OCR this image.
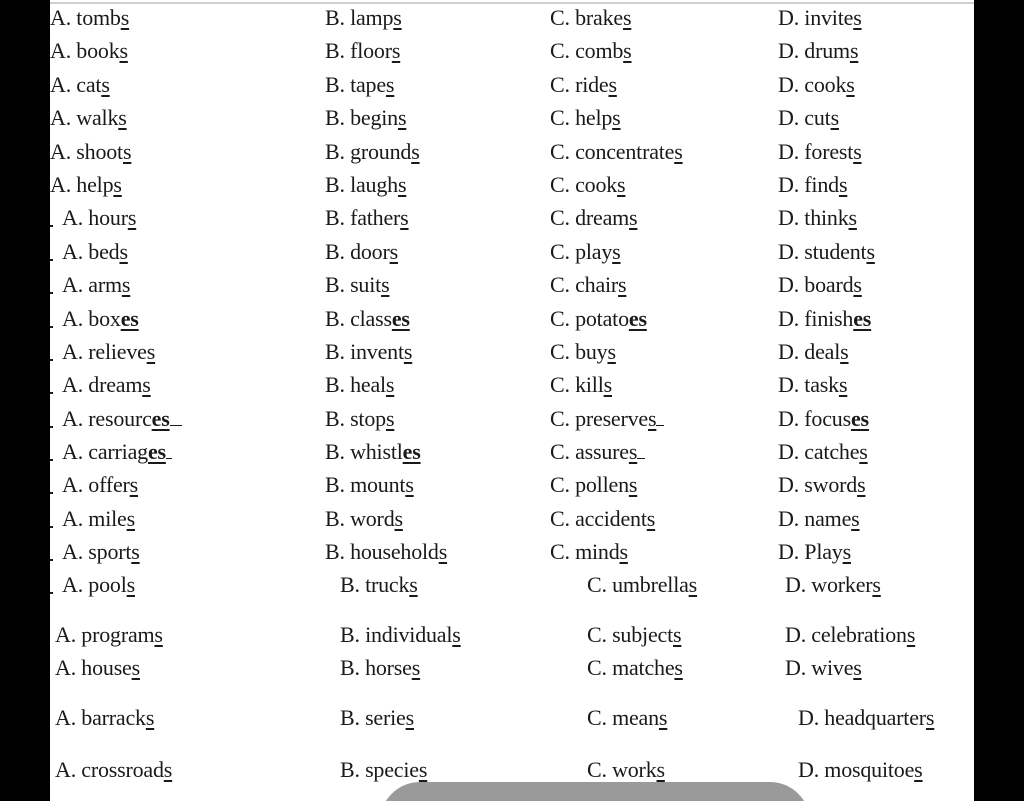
A. tombs	B. lamps	C. brakes	D. invites
A. books	B. floors	C. combs	D. drums
A. cats	B. tapes	C. rides	D. cooks
A. walks	B. begins	C. helps	D. cuts
A. shoots	B. grounds	C. concentrates	D. forests
A. helps	B. laughs	C. cooks	D. finds
A. hours	B. fathers	C. dreams	D. thinks
A. beds	B. doors	C. plays	D. students
A. arms	B. suits	C. chairs	D. boards
A. boxes	B. classes	C. potatoes	D. finishes
A. relieves	B. invents	C. buys	D. deals
A. dreams	B. heals	C. kills	D. tasks
A. resources	B. stops	C. preserves	D. focuses
A. carriages	B. whistles	C. assures	D. catches
A. offers	B. mounts	C. pollens	D. swords
A. miles	B. words	C. accidents	D. names
A. sports	B. households	C. minds	D. Plays
A. pools	B. trucks	C. umbrellas	D. workers
A. programs	B. individuals	C. subjects	D. celebrations
A. houses	B. horses	C. matches	D. wives
A. barracks	B. series	C. means	D. headquarters
A. crossroads	B. species	C. works	D. mosquitoes
